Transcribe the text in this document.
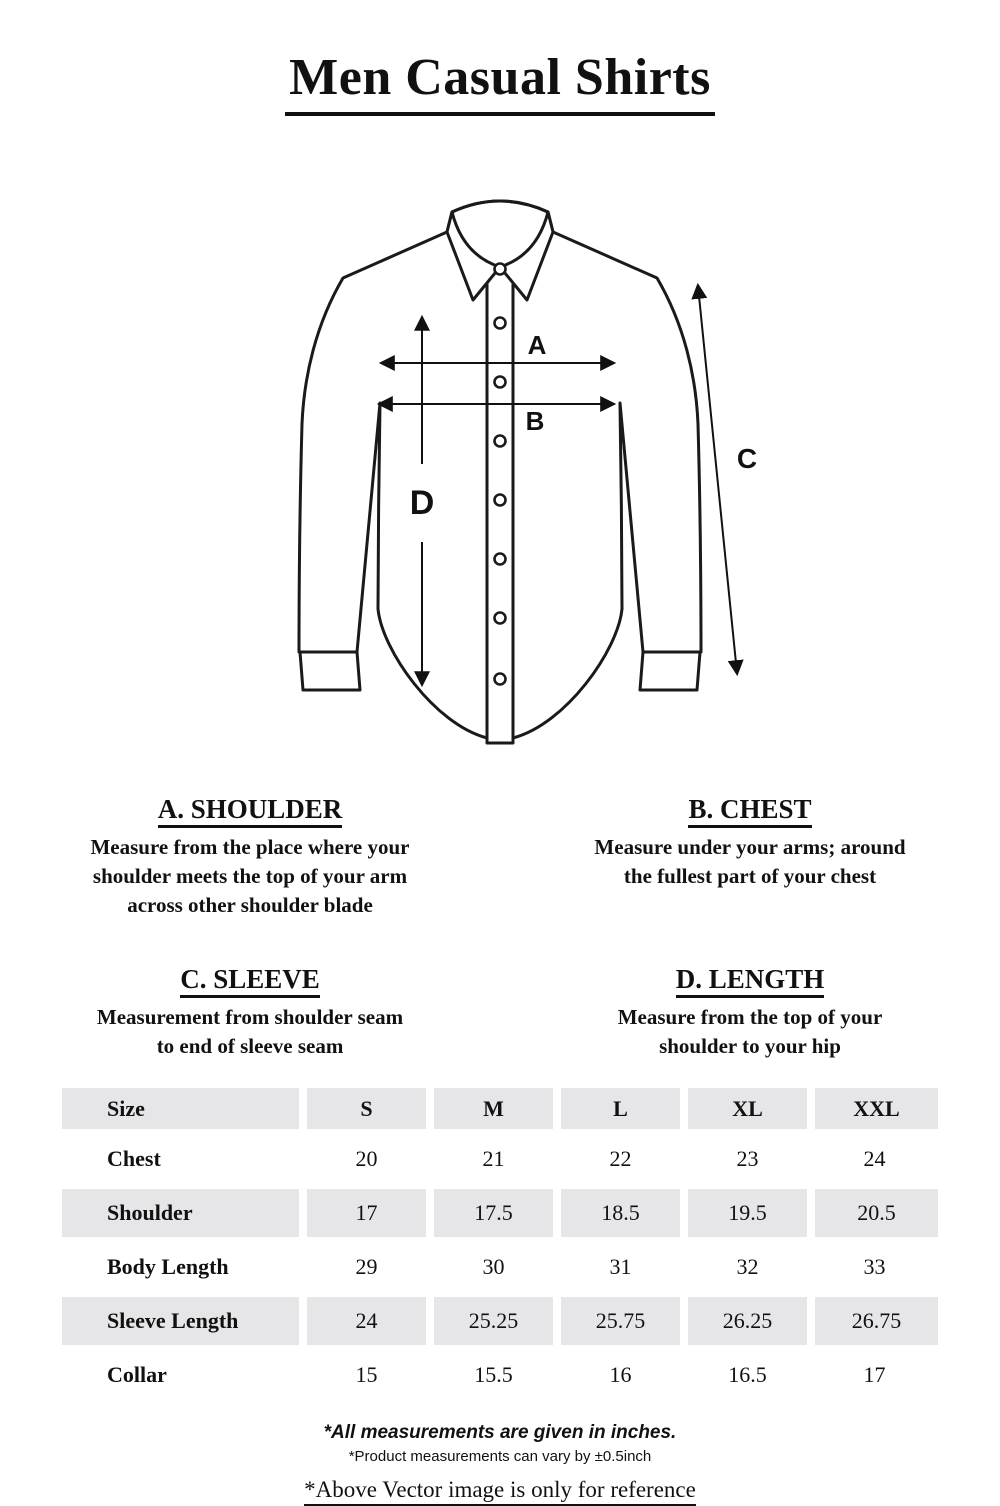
Men Casual Shirts
A
B
C
D
A. SHOULDER

Measure from the place where your
shoulder meets the top of your arm
across other shoulder blade

B. CHEST

Measure under your arms; around
the fullest part of your chest

C. SLEEVE

Measurement from shoulder seam
to end of sleeve seam

D. LENGTH

Measure from the top of your
shoulder to your hip

Size	S	M	L	XL	XXL
Chest	20	21	22	23	24
Shoulder	17	17.5	18.5	19.5	20.5
Body Length	29	30	31	32	33
Sleeve Length	24	25.25	25.75	26.25	26.75
Collar	15	15.5	16	16.5	17
*All measurements are given in inches.
*Product measurements can vary by ±0.5inch
*Above Vector image is only for reference
